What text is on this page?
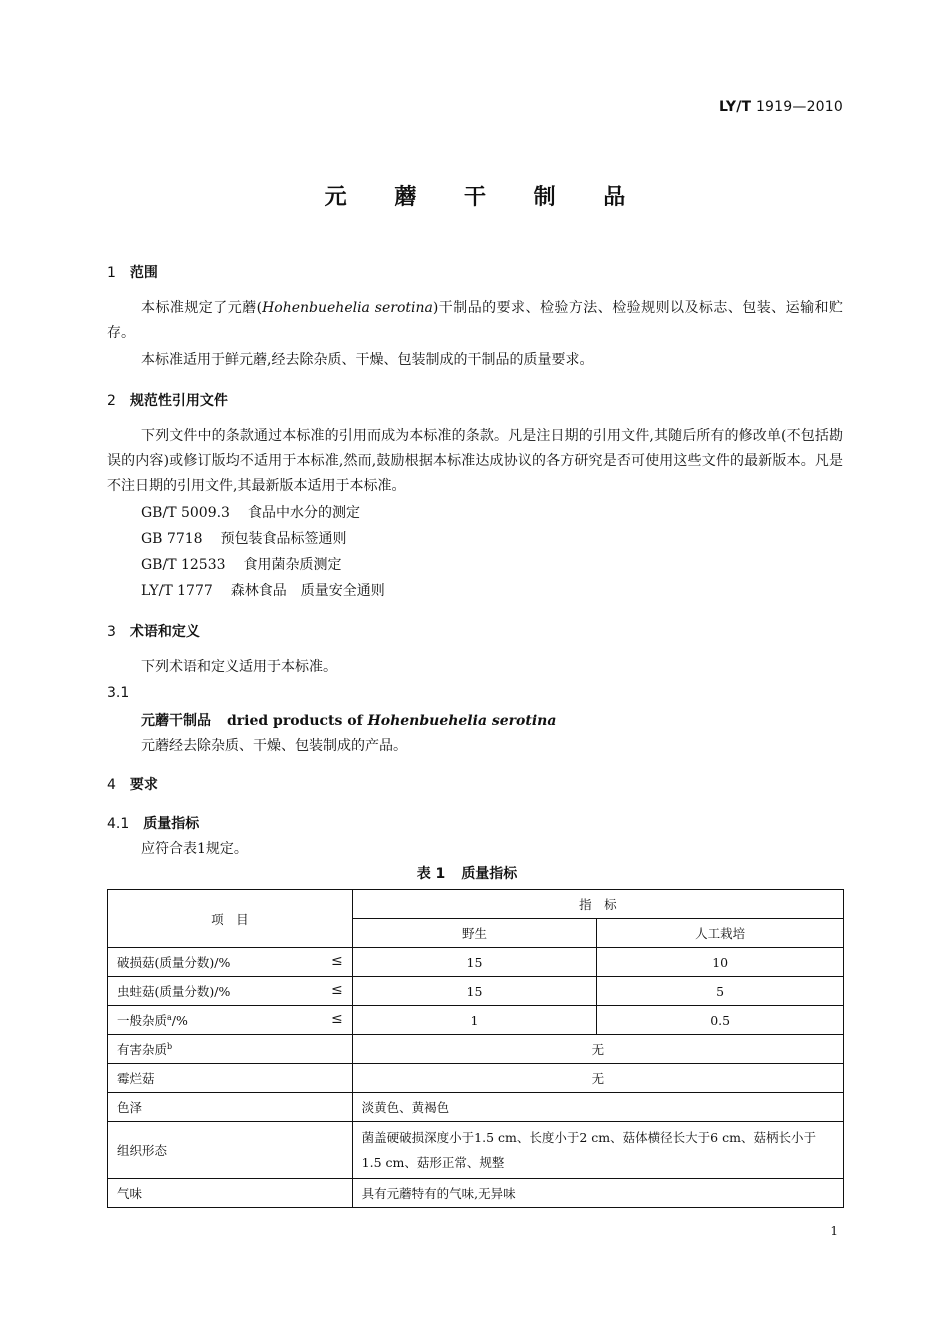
LY/T 1919—2010
元 蘑 干 制 品
1 范围
本标准规定了元蘑(Hohenbuehelia serotina)干制品的要求、检验方法、检验规则以及标志、包装、运输和贮存。
本标准适用于鲜元蘑,经去除杂质、干燥、包装制成的干制品的质量要求。
2 规范性引用文件
下列文件中的条款通过本标准的引用而成为本标准的条款。凡是注日期的引用文件,其随后所有的修改单(不包括勘误的内容)或修订版均不适用于本标准,然而,鼓励根据本标准达成协议的各方研究是否可使用这些文件的最新版本。凡是不注日期的引用文件,其最新版本适用于本标准。
GB/T 5009.3 食品中水分的测定
GB 7718 预包装食品标签通则
GB/T 12533 食用菌杂质测定
LY/T 1777 森林食品　质量安全通则
3 术语和定义
下列术语和定义适用于本标准。
3.1
元蘑干制品 dried products of Hohenbuehelia serotina
元蘑经去除杂质、干燥、包装制成的产品。
4 要求
4.1 质量指标
应符合表1规定。
表 1 质量指标
项　目	指　标	
	野生	人工栽培
破损菇(质量分数)/% ≤	15	10
虫蛀菇(质量分数)/% ≤	15	5
一般杂质$^a$/% ≤	1	0.5
有害杂质$^b$	无	
霉烂菇	无	
色泽	淡黄色、黄褐色	
组织形态	菌盖硬破损深度小于1.5 cm、长度小于2 cm、菇体横径长大于6 cm、菇柄长小于1.5 cm、菇形正常、规整	
气味	具有元蘑特有的气味,无异味	
1
